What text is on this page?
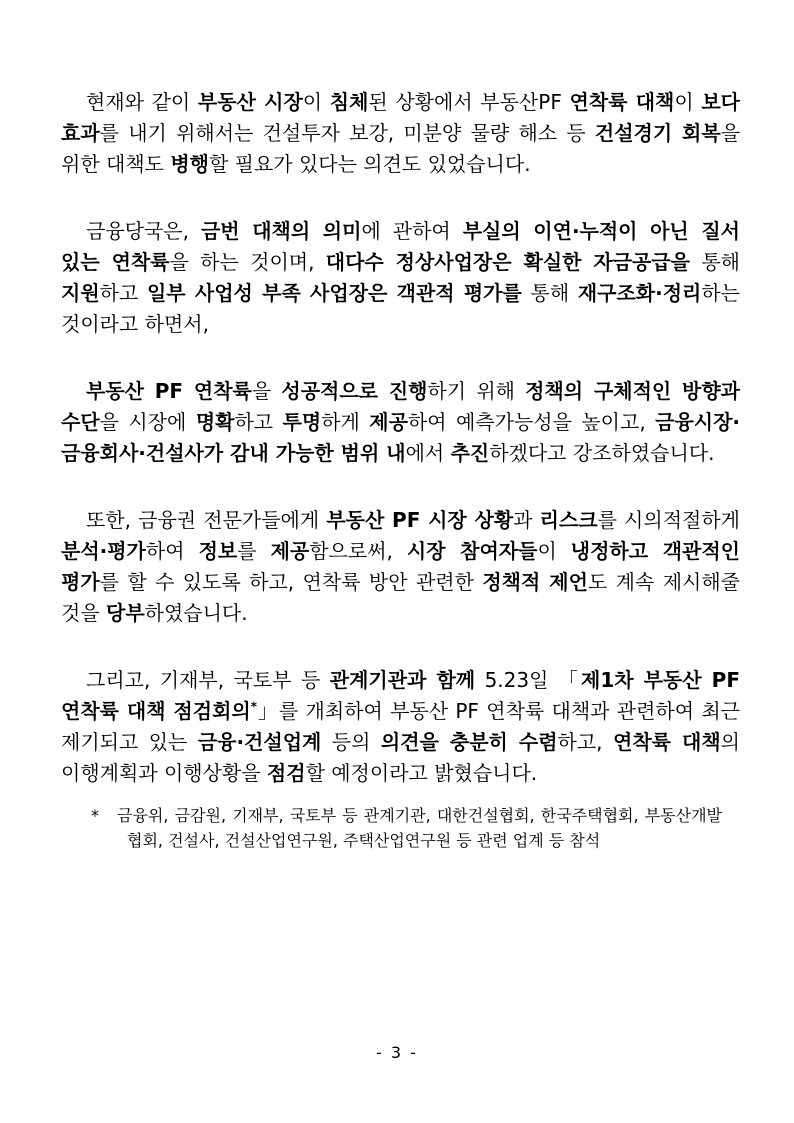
현재와 같이 부동산 시장이 침체된 상황에서 부동산PF 연착륙 대책이 보다 효과를 내기 위해서는 건설투자 보강, 미분양 물량 해소 등 건설경기 회복을 위한 대책도 병행할 필요가 있다는 의견도 있었습니다.

금융당국은, 금번 대책의 의미에 관하여 부실의 이연·누적이 아닌 질서 있는 연착륙을 하는 것이며, 대다수 정상사업장은 확실한 자금공급을 통해 지원하고 일부 사업성 부족 사업장은 객관적 평가를 통해 재구조화·정리하는 것이라고 하면서,

부동산 PF 연착륙을 성공적으로 진행하기 위해 정책의 구체적인 방향과 수단을 시장에 명확하고 투명하게 제공하여 예측가능성을 높이고, 금융시장·금융회사·건설사가 감내 가능한 범위 내에서 추진하겠다고 강조하였습니다.

또한, 금융권 전문가들에게 부동산 PF 시장 상황과 리스크를 시의적절하게 분석·평가하여 정보를 제공함으로써, 시장 참여자들이 냉정하고 객관적인 평가를 할 수 있도록 하고, 연착륙 방안 관련한 정책적 제언도 계속 제시해줄 것을 당부하였습니다.

그리고, 기재부, 국토부 등 관계기관과 함께 5.23일 「제1차 부동산 PF 연착륙 대책 점검회의*」를 개최하여 부동산 PF 연착륙 대책과 관련하여 최근 제기되고 있는 금융·건설업계 등의 의견을 충분히 수렴하고, 연착륙 대책의 이행계획과 이행상황을 점검할 예정이라고 밝혔습니다.

* 금융위, 금감원, 기재부, 국토부 등 관계기관, 대한건설협회, 한국주택협회, 부동산개발협회, 건설사, 건설산업연구원, 주택산업연구원 등 관련 업계 등 참석
- 3 -
